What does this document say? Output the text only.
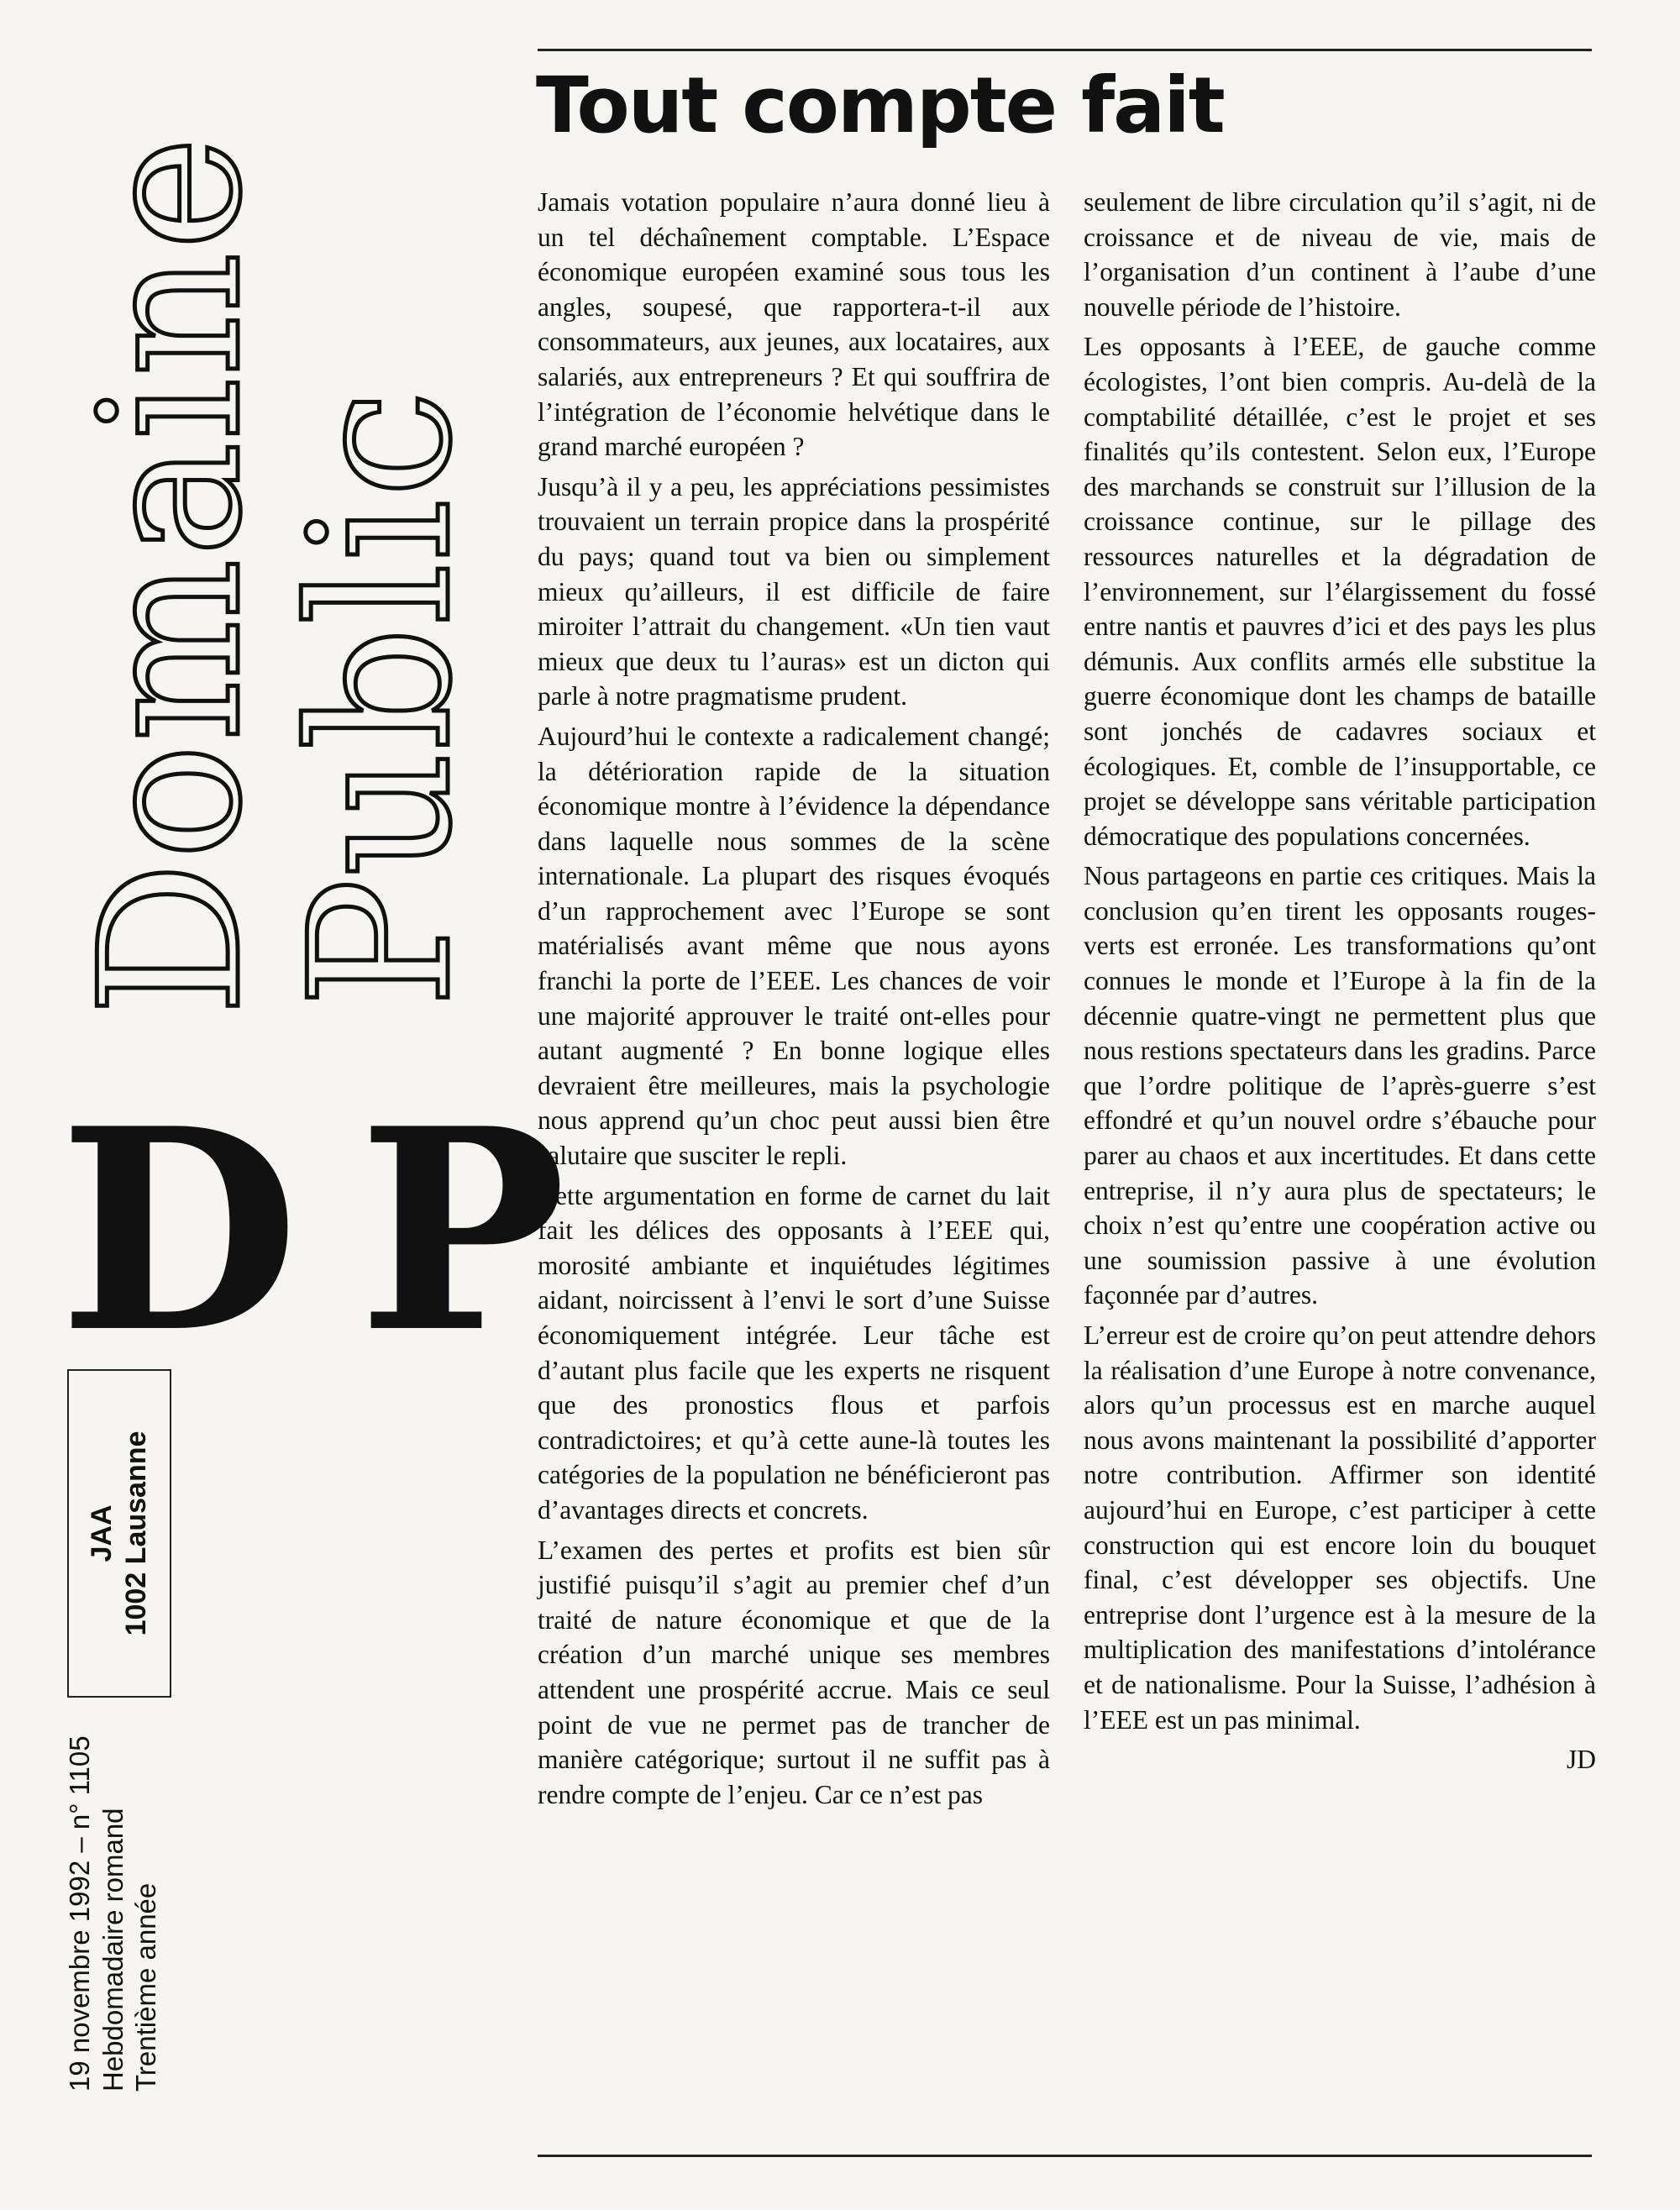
Domaine
Public
DP
JAA 1002 Lausanne
19 novembre 1992 – n° 1105 Hebdomadaire romand Trentième année
Tout compte fait

Jamais votation populaire n’aura donné lieu à un tel déchaînement comptable. L’Espace économique européen examiné sous tous les angles, soupesé, que rapportera-t-il aux consommateurs, aux jeunes, aux locataires, aux salariés, aux entrepreneurs ? Et qui souffrira de l’intégration de l’économie helvétique dans le grand marché européen ?

Jusqu’à il y a peu, les appréciations pessimistes trouvaient un terrain propice dans la prospérité du pays; quand tout va bien ou simplement mieux qu’ailleurs, il est difficile de faire miroiter l’attrait du changement. «Un tien vaut mieux que deux tu l’auras» est un dicton qui parle à notre pragmatisme prudent.

Aujourd’hui le contexte a radicalement changé; la détérioration rapide de la situation économique montre à l’évidence la dépendance dans laquelle nous sommes de la scène internationale. La plupart des risques évoqués d’un rapprochement avec l’Europe se sont matérialisés avant même que nous ayons franchi la porte de l’EEE. Les chances de voir une majorité approuver le traité ont-elles pour autant augmenté ? En bonne logique elles devraient être meilleures, mais la psychologie nous apprend qu’un choc peut aussi bien être salutaire que susciter le repli.

Cette argumentation en forme de carnet du lait fait les délices des opposants à l’EEE qui, morosité ambiante et inquiétudes légitimes aidant, noircissent à l’envi le sort d’une Suisse économiquement intégrée. Leur tâche est d’autant plus facile que les experts ne risquent que des pronostics flous et parfois contradictoires; et qu’à cette aune-là toutes les catégories de la population ne bénéficieront pas d’avantages directs et concrets.

L’examen des pertes et profits est bien sûr justifié puisqu’il s’agit au premier chef d’un traité de nature économique et que de la création d’un marché unique ses membres attendent une prospérité accrue. Mais ce seul point de vue ne permet pas de trancher de manière catégorique; surtout il ne suffit pas à rendre compte de l’enjeu. Car ce n’est pas

seulement de libre circulation qu’il s’agit, ni de croissance et de niveau de vie, mais de l’organisation d’un continent à l’aube d’une nouvelle période de l’histoire.

Les opposants à l’EEE, de gauche comme écologistes, l’ont bien compris. Au-delà de la comptabilité détaillée, c’est le projet et ses finalités qu’ils contestent. Selon eux, l’Europe des marchands se construit sur l’illusion de la croissance continue, sur le pillage des ressources naturelles et la dégradation de l’environnement, sur l’élargissement du fossé entre nantis et pauvres d’ici et des pays les plus démunis. Aux conflits armés elle substitue la guerre économique dont les champs de bataille sont jonchés de cadavres sociaux et écologiques. Et, comble de l’insupportable, ce projet se développe sans véritable participation démocratique des populations concernées.

Nous partageons en partie ces critiques. Mais la conclusion qu’en tirent les opposants rouges-verts est erronée. Les transformations qu’ont connues le monde et l’Europe à la fin de la décennie quatre-vingt ne permettent plus que nous restions spectateurs dans les gradins. Parce que l’ordre politique de l’après-guerre s’est effondré et qu’un nouvel ordre s’ébauche pour parer au chaos et aux incertitudes. Et dans cette entreprise, il n’y aura plus de spectateurs; le choix n’est qu’entre une coopération active ou une soumission passive à une évolution façonnée par d’autres.

L’erreur est de croire qu’on peut attendre dehors la réalisation d’une Europe à notre convenance, alors qu’un processus est en marche auquel nous avons maintenant la possibilité d’apporter notre contribution. Affirmer son identité aujourd’hui en Europe, c’est participer à cette construction qui est encore loin du bouquet final, c’est développer ses objectifs. Une entreprise dont l’urgence est à la mesure de la multiplication des manifestations d’intolérance et de nationalisme. Pour la Suisse, l’adhésion à l’EEE est un pas minimal.

JD
